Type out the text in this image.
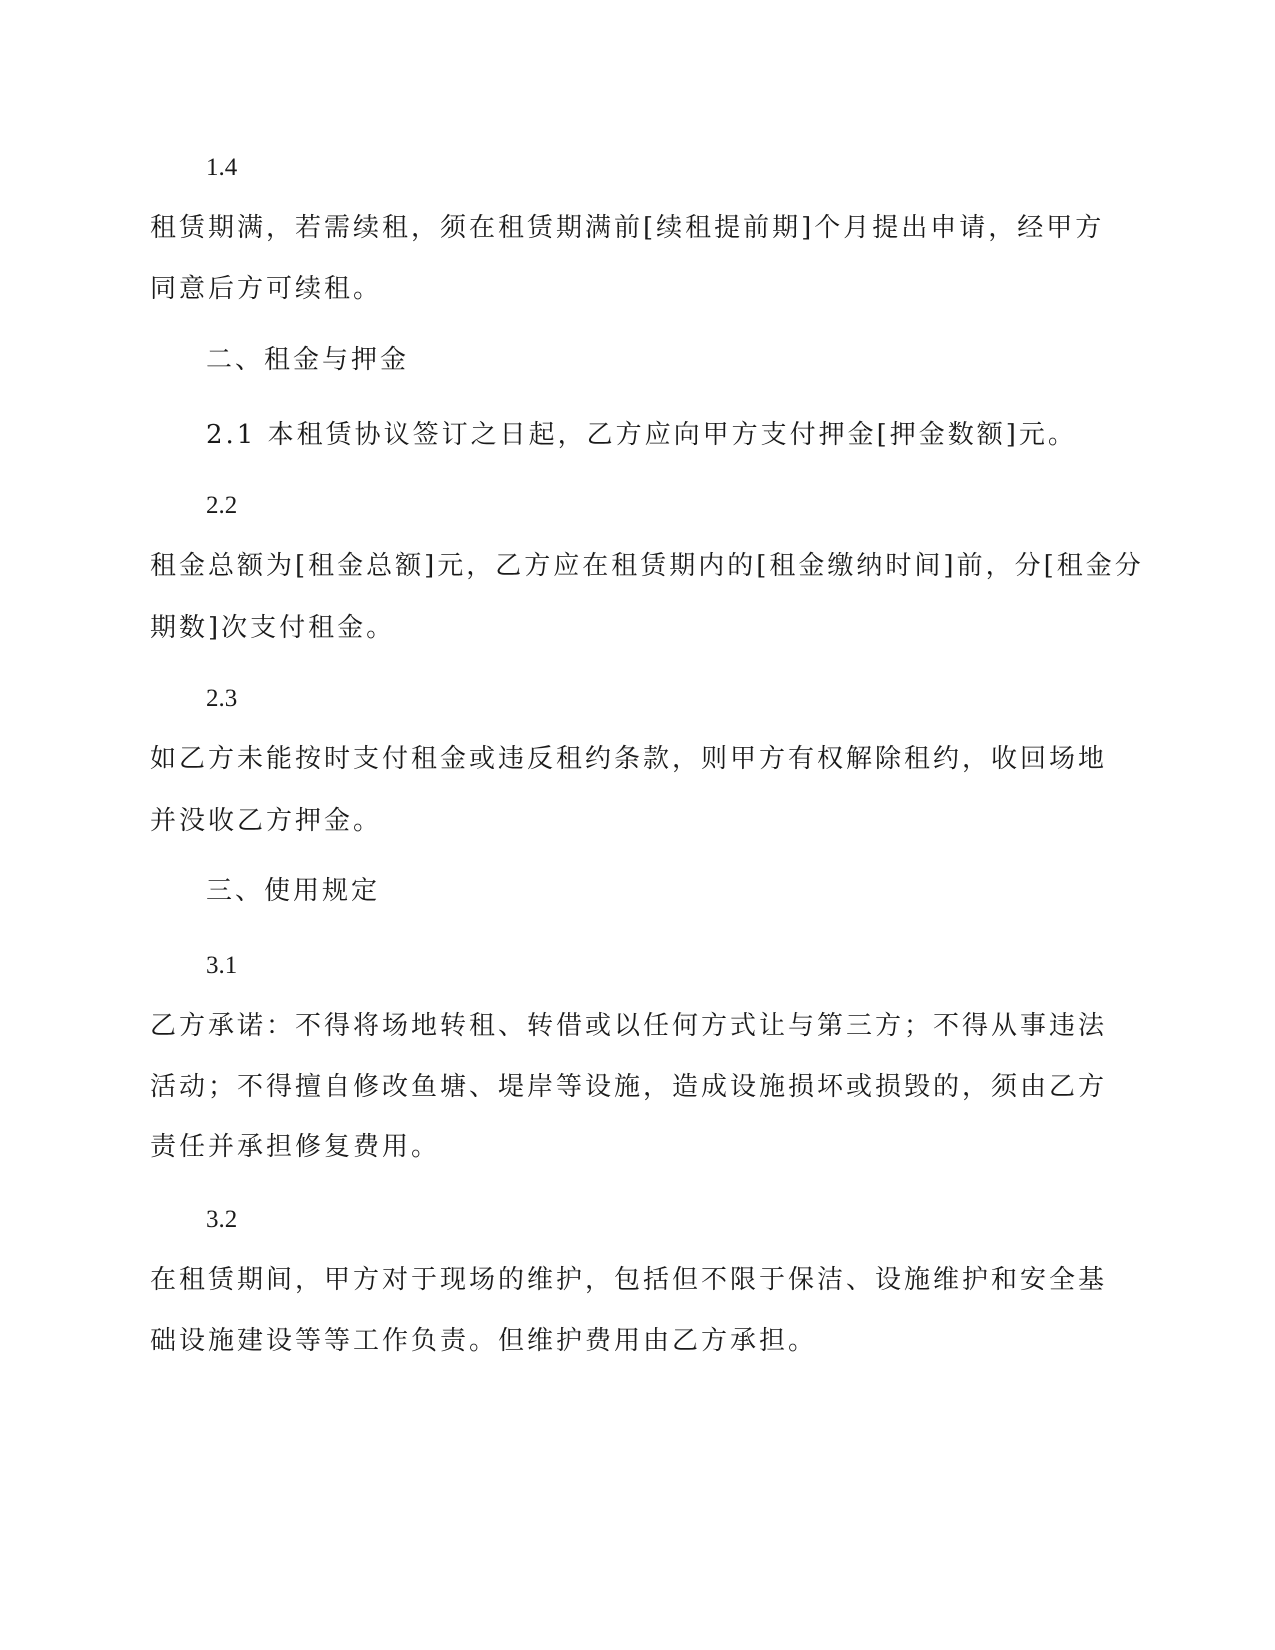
1.4

租赁期满，若需续租，须在租赁期满前[续租提前期]个月提出申请，经甲方

同意后方可续租。

二、租金与押金

2.1 本租赁协议签订之日起，乙方应向甲方支付押金[押金数额]元。

2.2

租金总额为[租金总额]元，乙方应在租赁期内的[租金缴纳时间]前，分[租金分

期数]次支付租金。

2.3

如乙方未能按时支付租金或违反租约条款，则甲方有权解除租约，收回场地

并没收乙方押金。

三、使用规定

3.1

乙方承诺：不得将场地转租、转借或以任何方式让与第三方；不得从事违法

活动；不得擅自修改鱼塘、堤岸等设施，造成设施损坏或损毁的，须由乙方

责任并承担修复费用。

3.2

在租赁期间，甲方对于现场的维护，包括但不限于保洁、设施维护和安全基

础设施建设等等工作负责。但维护费用由乙方承担。
